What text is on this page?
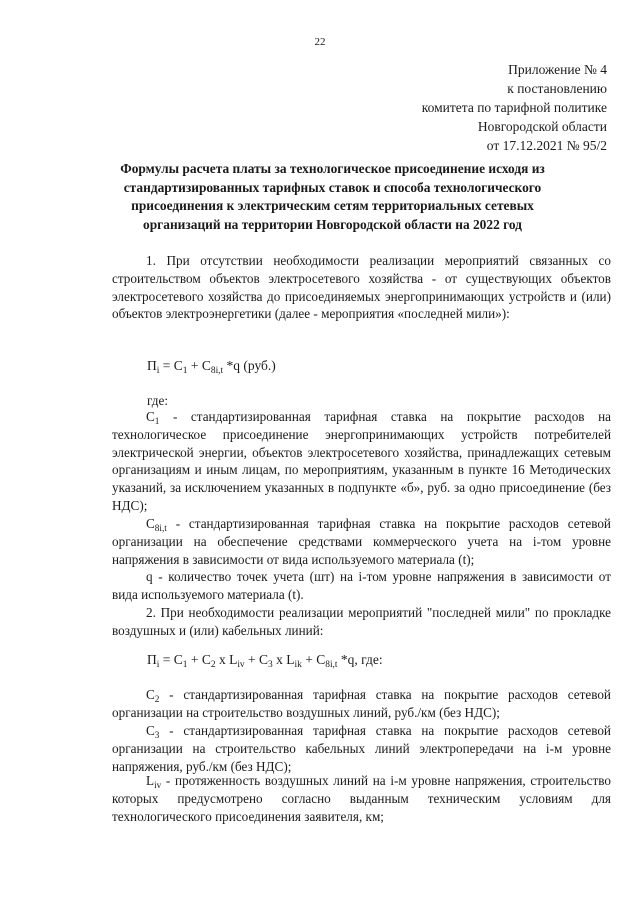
22
Приложение № 4
к постановлению
комитета по тарифной политике
Новгородской области
от 17.12.2021 № 95/2
Формулы расчета платы за технологическое присоединение исходя из стандартизированных тарифных ставок и способа технологического присоединения к электрическим сетям территориальных сетевых организаций на территории Новгородской области на 2022 год

1. При отсутствии необходимости реализации мероприятий связанных со строительством объектов электросетевого хозяйства - от существующих объектов электросетевого хозяйства до присоединяемых энергопринимающих устройств и (или) объектов электроэнергетики (далее - мероприятия «последней мили»):

$П_i = С_1 + С_{8i,t}$ *q (руб.)
где:

$С_1$ - стандартизированная тарифная ставка на покрытие расходов на технологическое присоединение энергопринимающих устройств потребителей электрической энергии, объектов электросетевого хозяйства, принадлежащих сетевым организациям и иным лицам, по мероприятиям, указанным в пункте 16 Методических указаний, за исключением указанных в подпункте «б», руб. за одно присоединение (без НДС);

$С_{8i,t}$ - стандартизированная тарифная ставка на покрытие расходов сетевой организации на обеспечение средствами коммерческого учета на i-том уровне напряжения в зависимости от вида используемого материала (t);

q - количество точек учета (шт) на i-том уровне напряжения в зависимости от вида используемого материала (t).

2. При необходимости реализации мероприятий "последней мили" по прокладке воздушных и (или) кабельных линий:

$П_i = С_1 + С_2$ х $L_{iv} + С_3$ х $L_{ik} + С_{8i,t}$ *q, где:

$С_2$ - стандартизированная тарифная ставка на покрытие расходов сетевой организации на строительство воздушных линий, руб./км (без НДС);

$С_3$ - стандартизированная тарифная ставка на покрытие расходов сетевой организации на строительство кабельных линий электропередачи на i-м уровне напряжения, руб./км (без НДС);

$L_{iv}$ - протяженность воздушных линий на i-м уровне напряжения, строительство которых предусмотрено согласно выданным техническим условиям для технологического присоединения заявителя, км;
